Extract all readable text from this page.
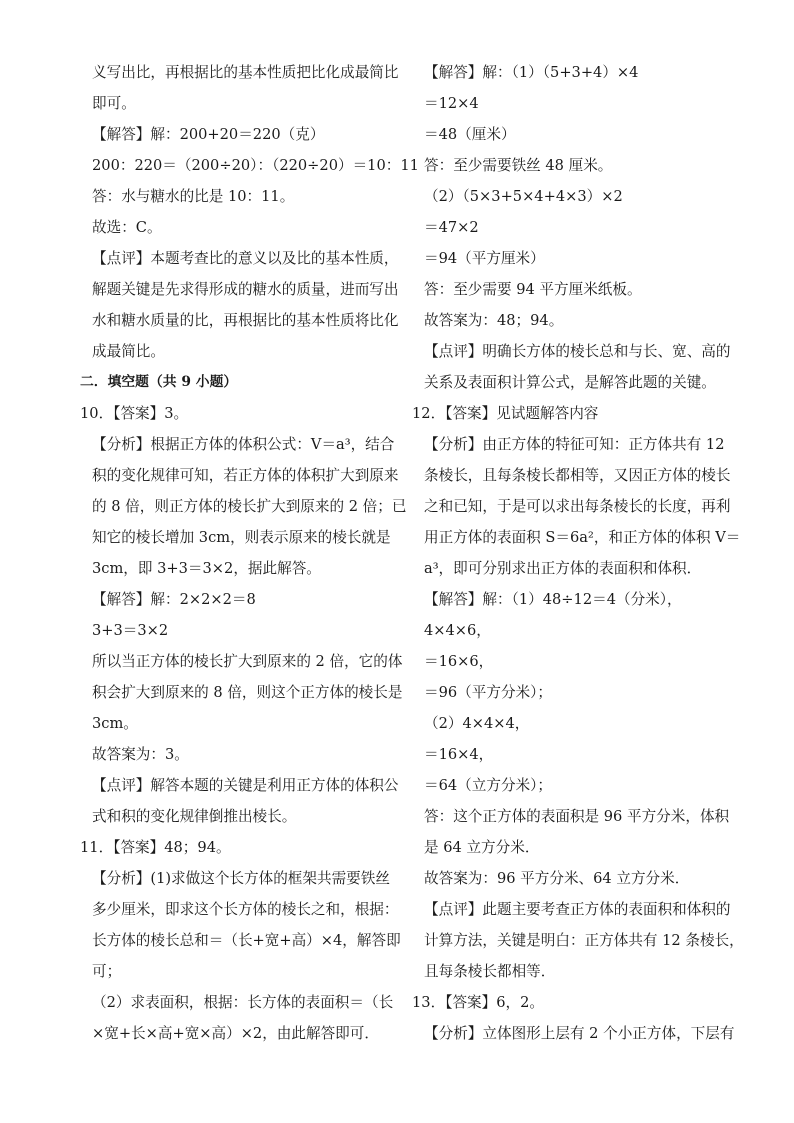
义写出比，再根据比的基本性质把比化成最简比
即可。
【解答】解：200+20＝220（克）
200：220＝（200÷20）：（220÷20）＝10：11
答：水与糖水的比是 10：11。
故选：C。
【点评】本题考查比的意义以及比的基本性质，
解题关键是先求得形成的糖水的质量，进而写出
水和糖水质量的比，再根据比的基本性质将比化
成最简比。
二．填空题（共 9 小题）
10．【答案】3。
【分析】根据正方体的体积公式：V＝a³，结合
积的变化规律可知，若正方体的体积扩大到原来
的 8 倍，则正方体的棱长扩大到原来的 2 倍；已
知它的棱长增加 3cm，则表示原来的棱长就是
3cm，即 3+3＝3×2，据此解答。
【解答】解：2×2×2＝8
3+3＝3×2
所以当正方体的棱长扩大到原来的 2 倍，它的体
积会扩大到原来的 8 倍，则这个正方体的棱长是
3cm。
故答案为：3。
【点评】解答本题的关键是利用正方体的体积公
式和积的变化规律倒推出棱长。
11．【答案】48；94。
【分析】(1)求做这个长方体的框架共需要铁丝
多少厘米，即求这个长方体的棱长之和，根据：
长方体的棱长总和＝（长+宽+高）×4，解答即
可；
（2）求表面积，根据：长方体的表面积＝（长
×宽+长×高+宽×高）×2，由此解答即可．
【解答】解：（1）（5+3+4）×4
＝12×4
＝48（厘米）
答：至少需要铁丝 48 厘米。
（2）（5×3+5×4+4×3）×2
＝47×2
＝94（平方厘米）
答：至少需要 94 平方厘米纸板。
故答案为：48；94。
【点评】明确长方体的棱长总和与长、宽、高的
关系及表面积计算公式，是解答此题的关键。
12．【答案】见试题解答内容
【分析】由正方体的特征可知：正方体共有 12
条棱长，且每条棱长都相等，又因正方体的棱长
之和已知，于是可以求出每条棱长的长度，再利
用正方体的表面积 S＝6a²，和正方体的体积 V＝
a³，即可分别求出正方体的表面积和体积．
【解答】解：（1）48÷12＝4（分米），
4×4×6，
＝16×6，
＝96（平方分米）；
（2）4×4×4，
＝16×4，
＝64（立方分米）；
答：这个正方体的表面积是 96 平方分米，体积
是 64 立方分米．
故答案为：96 平方分米、64 立方分米．
【点评】此题主要考查正方体的表面积和体积的
计算方法，关键是明白：正方体共有 12 条棱长，
且每条棱长都相等．
13．【答案】6，2。
【分析】立体图形上层有 2 个小正方体，下层有
